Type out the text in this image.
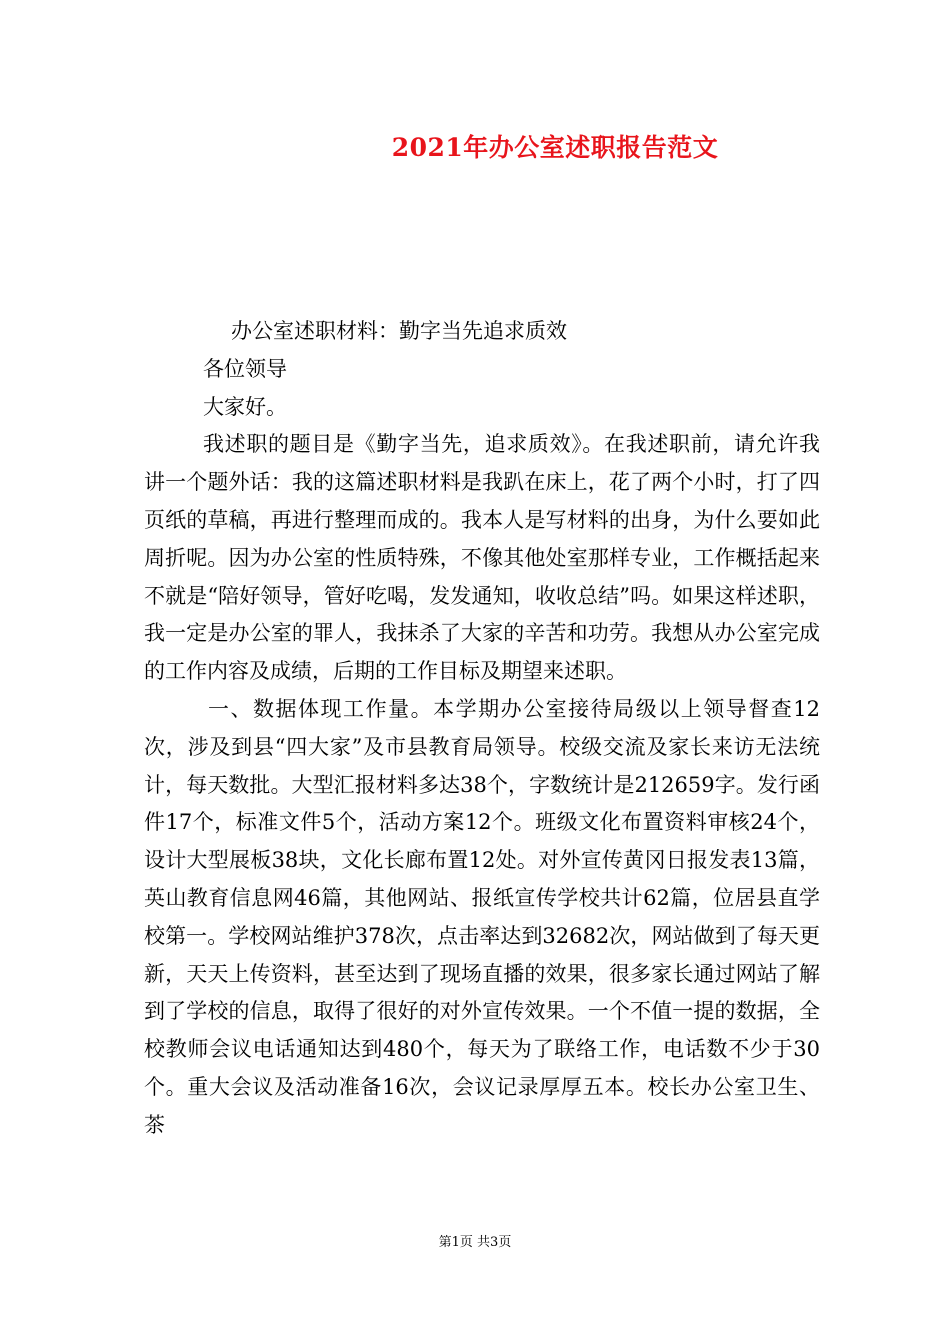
2021年办公室述职报告范文

办公室述职材料：勤字当先追求质效

各位领导

大家好。

我述职的题目是《勤字当先，追求质效》。在我述职前，请允许我讲一个题外话：我的这篇述职材料是我趴在床上，花了两个小时，打了四页纸的草稿，再进行整理而成的。我本人是写材料的出身，为什么要如此周折呢。因为办公室的性质特殊，不像其他处室那样专业，工作概括起来不就是“陪好领导，管好吃喝，发发通知，收收总结”吗。如果这样述职，我一定是办公室的罪人，我抹杀了大家的辛苦和功劳。我想从办公室完成的工作内容及成绩，后期的工作目标及期望来述职。

一、数据体现工作量。本学期办公室接待局级以上领导督查12次，涉及到县“四大家”及市县教育局领导。校级交流及家长来访无法统计，每天数批。大型汇报材料多达38个，字数统计是212659字。发行函件17个，标准文件5个，活动方案12个。班级文化布置资料审核24个，设计大型展板38块，文化长廊布置12处。对外宣传黄冈日报发表13篇，英山教育信息网46篇，其他网站、报纸宣传学校共计62篇，位居县直学校第一。学校网站维护378次，点击率达到32682次，网站做到了每天更新，天天上传资料，甚至达到了现场直播的效果，很多家长通过网站了解到了学校的信息，取得了很好的对外宣传效果。一个不值一提的数据，全校教师会议电话通知达到480个，每天为了联络工作，电话数不少于30个。重大会议及活动准备16次，会议记录厚厚五本。校长办公室卫生、茶

第1页 共3页
